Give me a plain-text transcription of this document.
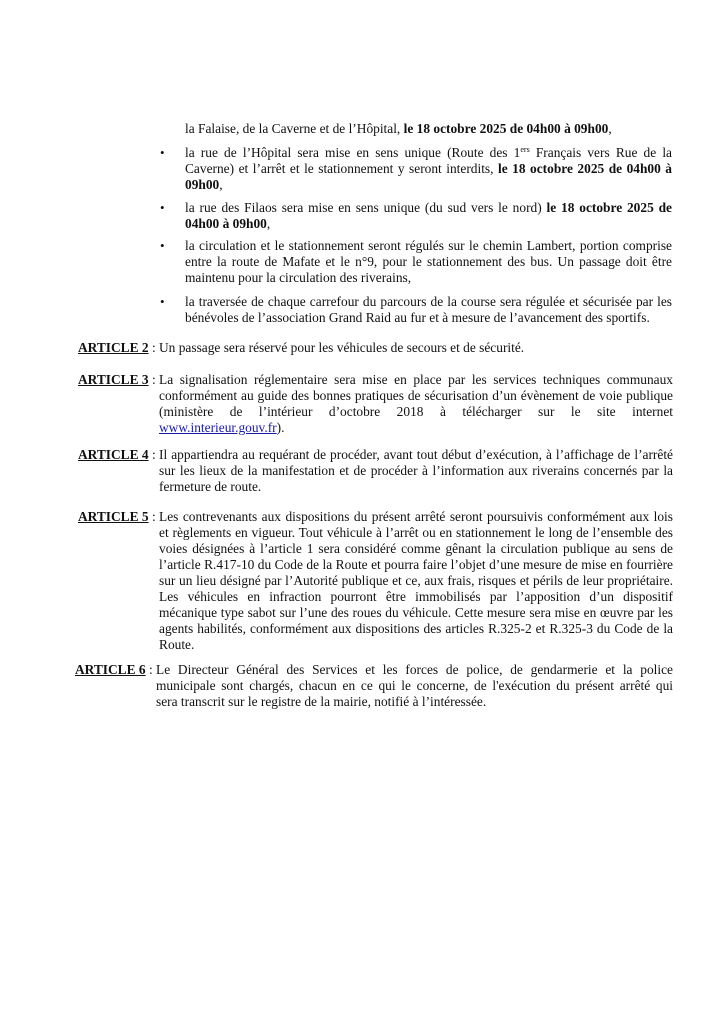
la Falaise, de la Caverne et de l’Hôpital, le 18 octobre 2025 de 04h00 à 09h00,
• la rue de l’Hôpital sera mise en sens unique (Route des 1ers Français vers Rue de la
Caverne) et l’arrêt et le stationnement y seront interdits, le 18 octobre 2025 de 04h00 à
09h00,
• la rue des Filaos sera mise en sens unique (du sud vers le nord) le 18 octobre 2025 de
04h00 à 09h00,
• la circulation et le stationnement seront régulés sur le chemin Lambert, portion comprise
entre la route de Mafate et le n°9, pour le stationnement des bus. Un passage doit être
maintenu pour la circulation des riverains,
• la traversée de chaque carrefour du parcours de la course sera régulée et sécurisée par les
bénévoles de l’association Grand Raid au fur et à mesure de l’avancement des sportifs.
ARTICLE 2 : Un passage sera réservé pour les véhicules de secours et de sécurité.
ARTICLE 3 : La signalisation réglementaire sera mise en place par les services techniques communaux
conformément au guide des bonnes pratiques de sécurisation d’un évènement de voie publique
(ministère de l’intérieur d’octobre 2018 à télécharger sur le site internet
www.interieur.gouv.fr).
ARTICLE 4 : Il appartiendra au requérant de procéder, avant tout début d’exécution, à l’affichage de l’arrêté
sur les lieux de la manifestation et de procéder à l’information aux riverains concernés par la
fermeture de route.
ARTICLE 5 : Les contrevenants aux dispositions du présent arrêté seront poursuivis conformément aux lois
et règlements en vigueur. Tout véhicule à l’arrêt ou en stationnement le long de l’ensemble des
voies désignées à l’article 1 sera considéré comme gênant la circulation publique au sens de
l’article R.417-10 du Code de la Route et pourra faire l’objet d’une mesure de mise en fourrière
sur un lieu désigné par l’Autorité publique et ce, aux frais, risques et périls de leur propriétaire.
Les véhicules en infraction pourront être immobilisés par l’apposition d’un dispositif
mécanique type sabot sur l’une des roues du véhicule. Cette mesure sera mise en œuvre par les
agents habilités, conformément aux dispositions des articles R.325-2 et R.325-3 du Code de la
Route.
ARTICLE 6 : Le Directeur Général des Services et les forces de police, de gendarmerie et la police
municipale sont chargés, chacun en ce qui le concerne, de l'exécution du présent arrêté qui
sera transcrit sur le registre de la mairie, notifié à l’intéressée.
